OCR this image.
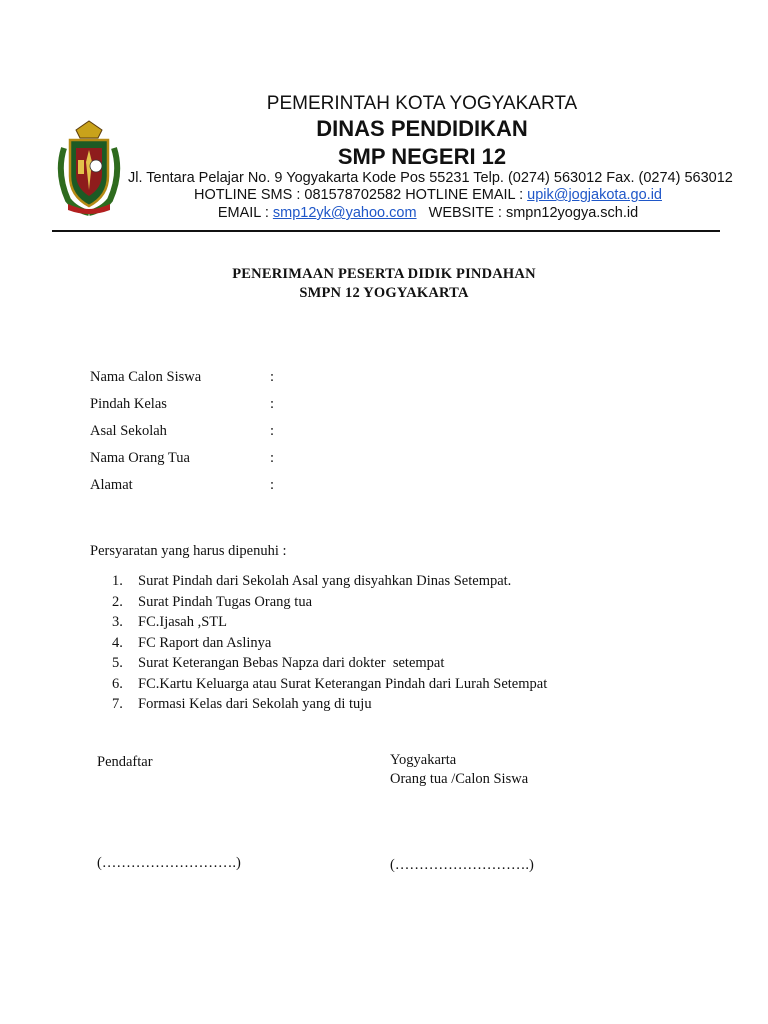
PEMERINTAH KOTA YOGYAKARTA
DINAS PENDIDIKAN
SMP NEGERI 12
Jl. Tentara Pelajar No. 9 Yogyakarta Kode Pos 55231 Telp. (0274) 563012 Fax. (0274) 563012
HOTLINE SMS : 081578702582 HOTLINE EMAIL : upik@jogjakota.go.id
EMAIL : smp12yk@yahoo.com   WEBSITE : smpn12yogya.sch.id
PENERIMAAN PESERTA DIDIK PINDAHAN
SMPN 12 YOGYAKARTA
Nama Calon Siswa	:
Pindah Kelas	:
Asal Sekolah	:
Nama Orang Tua	:
Alamat	:
Persyaratan yang harus dipenuhi :
1. Surat Pindah dari Sekolah Asal yang disyahkan Dinas Setempat.
2. Surat Pindah Tugas Orang tua
3. FC.Ijasah ,STL
4. FC Raport dan Aslinya
5. Surat Keterangan Bebas Napza dari dokter  setempat
6. FC.Kartu Keluarga atau Surat Keterangan Pindah dari Lurah Setempat
7. Formasi Kelas dari Sekolah yang di tuju
Pendaftar	Yogyakarta
Orang tua /Calon Siswa
(……………………….)	(……………………….)
